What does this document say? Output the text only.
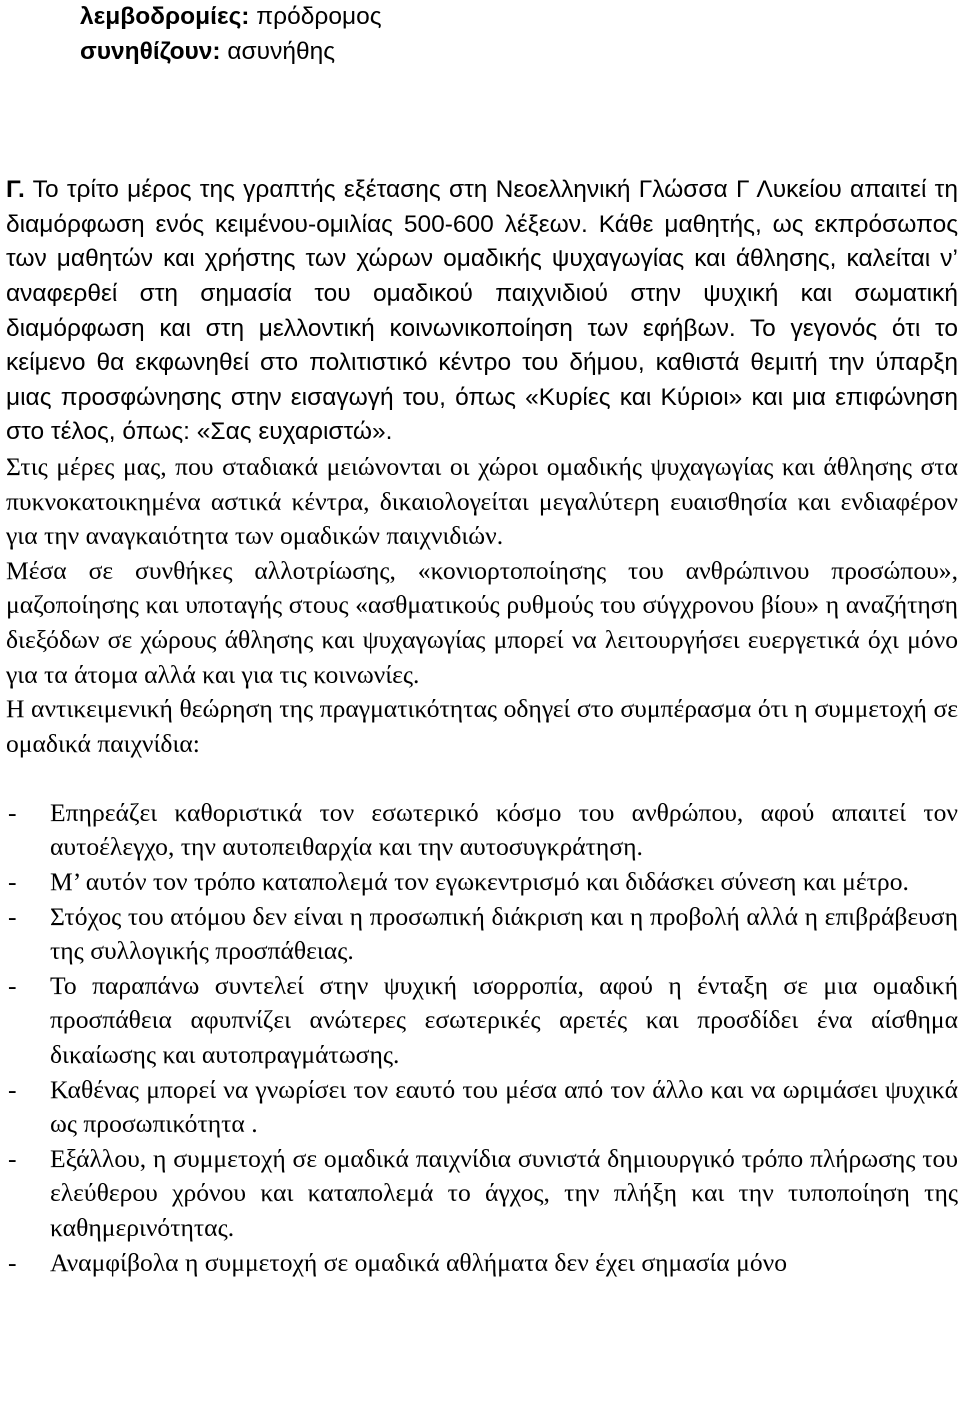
λεμβοδρομίες: πρόδρομος
συνηθίζουν: ασυνήθης

Γ. Το τρίτο μέρος της γραπτής εξέτασης στη Νεοελληνική Γλώσσα Γ Λυκείου απαιτεί τη διαμόρφωση ενός κειμένου-ομιλίας 500-600 λέξεων. Κάθε μαθητής, ως εκπρόσωπος των μαθητών και χρήστης των χώρων ομαδικής ψυχαγωγίας και άθλησης, καλείται ν’ αναφερθεί στη σημασία του ομαδικού παιχνιδιού στην ψυχική και σωματική διαμόρφωση και στη μελλοντική κοινωνικοποίηση των εφήβων. Το γεγονός ότι το κείμενο θα εκφωνηθεί στο πολιτιστικό κέντρο του δήμου, καθιστά θεμιτή την ύπαρξη μιας προσφώνησης στην εισαγωγή του, όπως «Κυρίες και Κύριοι» και μια επιφώνηση στο τέλος, όπως: «Σας ευχαριστώ».

Στις μέρες μας, που σταδιακά μειώνονται οι χώροι ομαδικής ψυχαγωγίας και άθλησης στα πυκνοκατοικημένα αστικά κέντρα, δικαιολογείται μεγαλύτερη ευαισθησία και ενδιαφέρον για την αναγκαιότητα των ομαδικών παιχνιδιών.

Μέσα σε συνθήκες αλλοτρίωσης, «κονιορτοποίησης του ανθρώπινου προσώπου», μαζοποίησης και υποταγής στους «ασθματικούς ρυθμούς του σύγχρονου βίου» η αναζήτηση διεξόδων σε χώρους άθλησης και ψυχαγωγίας μπορεί να λειτουργήσει ευεργετικά όχι μόνο για τα άτομα αλλά και για τις κοινωνίες.

Η αντικειμενική θεώρηση της πραγματικότητας οδηγεί στο συμπέρασμα ότι η συμμετοχή σε ομαδικά παιχνίδια:

- Επηρεάζει καθοριστικά τον εσωτερικό κόσμο του ανθρώπου, αφού απαιτεί τον αυτοέλεγχο, την αυτοπειθαρχία και την αυτοσυγκράτηση.
- Μ’ αυτόν τον τρόπο καταπολεμά τον εγωκεντρισμό και διδάσκει σύνεση και μέτρο.
- Στόχος του ατόμου δεν είναι η προσωπική διάκριση και η προβολή αλλά η επιβράβευση της συλλογικής προσπάθειας.
- Το παραπάνω συντελεί στην ψυχική ισορροπία, αφού η ένταξη σε μια ομαδική προσπάθεια αφυπνίζει ανώτερες εσωτερικές αρετές και προσδίδει ένα αίσθημα δικαίωσης και αυτοπραγμάτωσης.
- Καθένας μπορεί να γνωρίσει τον εαυτό του μέσα από τον άλλο και να ωριμάσει ψυχικά ως προσωπικότητα .
- Εξάλλου, η συμμετοχή σε ομαδικά παιχνίδια συνιστά δημιουργικό τρόπο πλήρωσης του ελεύθερου χρόνου και καταπολεμά το άγχος, την πλήξη και την τυποποίηση της καθημερινότητας.
- Αναμφίβολα η συμμετοχή σε ομαδικά αθλήματα δεν έχει σημασία μόνο
